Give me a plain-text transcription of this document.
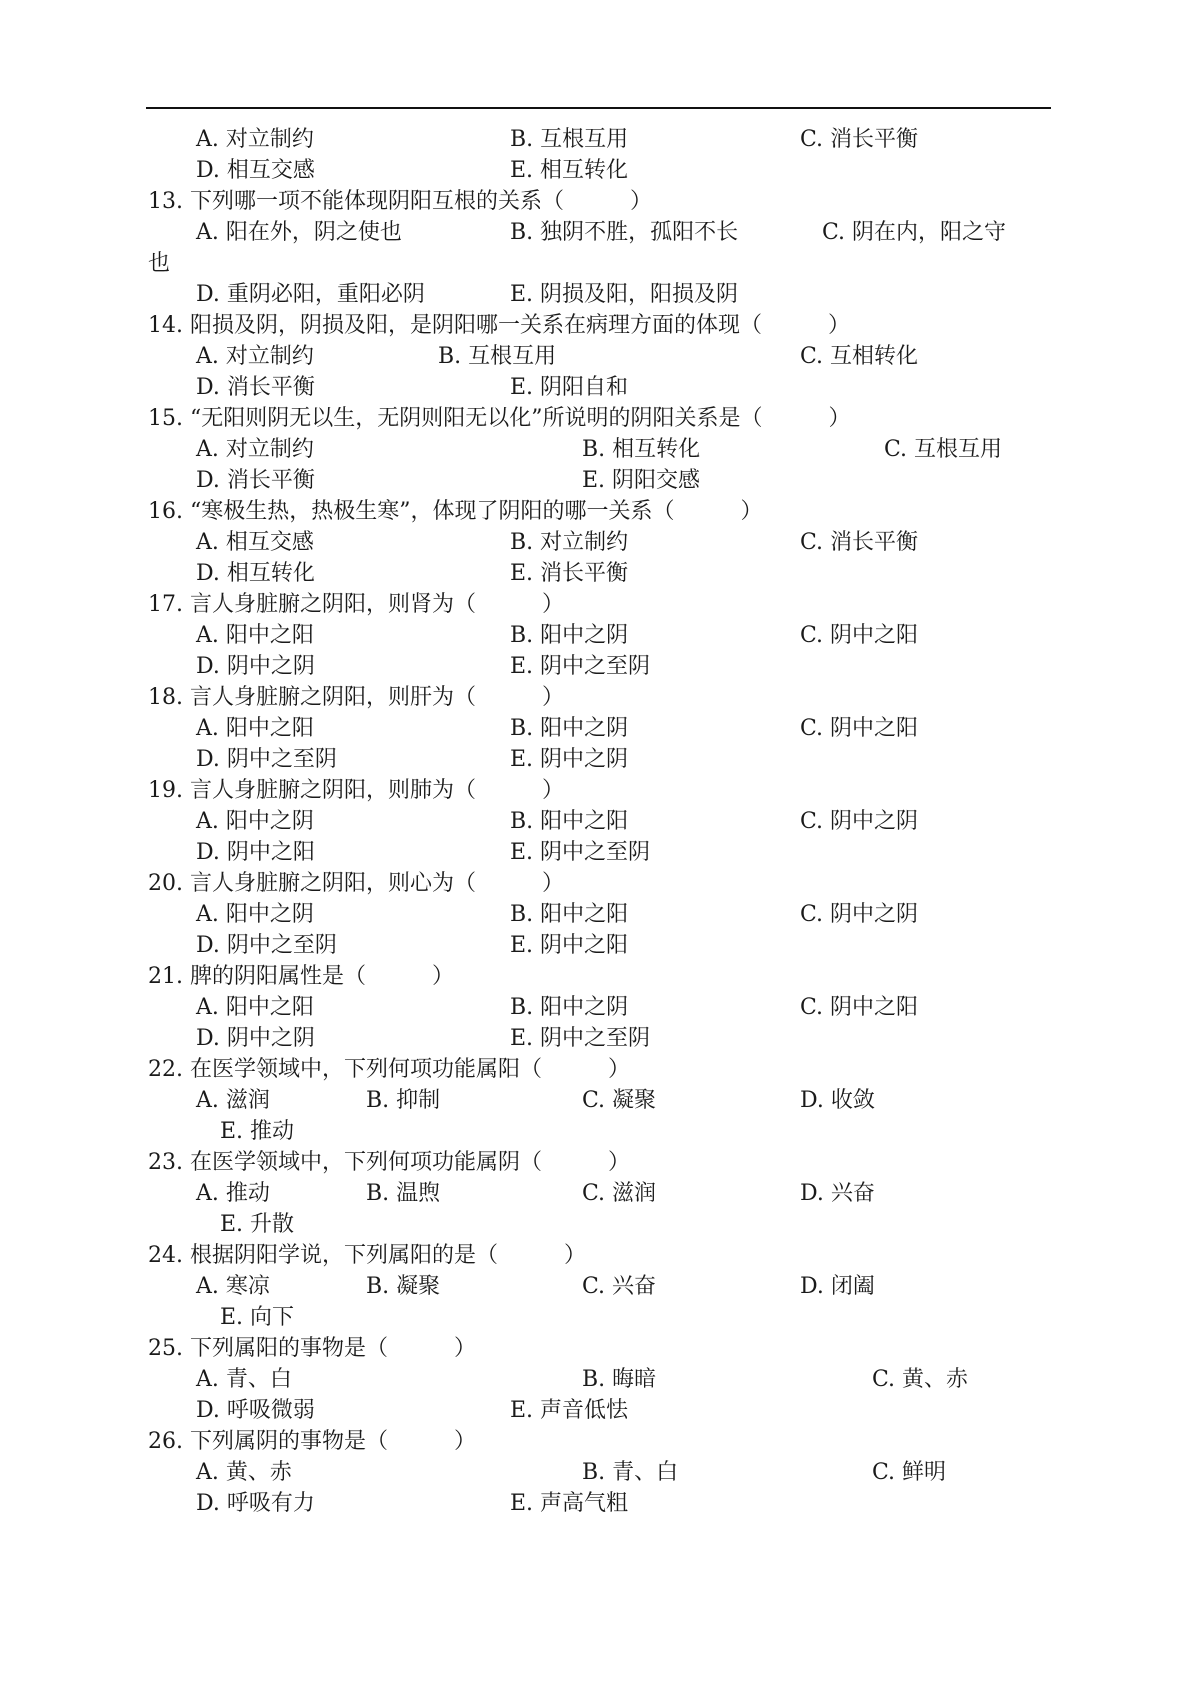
A. 对立制约	B. 互根互用	C. 消长平衡
D. 相互交感	E. 相互转化
13. 下列哪一项不能体现阴阳互根的关系（　　　）
A. 阳在外，阴之使也	B. 独阴不胜，孤阳不长	C. 阴在内，阳之守
也
D. 重阴必阳，重阳必阴	E. 阴损及阳，阳损及阴
14. 阳损及阴，阴损及阳，是阴阳哪一关系在病理方面的体现（　　　）
A. 对立制约	B. 互根互用	C. 互相转化
D. 消长平衡	E. 阴阳自和
15. “无阳则阴无以生，无阴则阳无以化”所说明的阴阳关系是（　　　）
A. 对立制约	B. 相互转化	C. 互根互用
D. 消长平衡	E. 阴阳交感
16. “寒极生热，热极生寒”，体现了阴阳的哪一关系（　　　）
A. 相互交感	B. 对立制约	C. 消长平衡
D. 相互转化	E. 消长平衡
17. 言人身脏腑之阴阳，则肾为（　　　）
A. 阳中之阳	B. 阳中之阴	C. 阴中之阳
D. 阴中之阴	E. 阴中之至阴
18. 言人身脏腑之阴阳，则肝为（　　　）
A. 阳中之阳	B. 阳中之阴	C. 阴中之阳
D. 阴中之至阴	E. 阴中之阴
19. 言人身脏腑之阴阳，则肺为（　　　）
A. 阳中之阴	B. 阳中之阳	C. 阴中之阴
D. 阴中之阳	E. 阴中之至阴
20. 言人身脏腑之阴阳，则心为（　　　）
A. 阳中之阴	B. 阳中之阳	C. 阴中之阴
D. 阴中之至阴	E. 阴中之阳
21. 脾的阴阳属性是（　　　）
A. 阳中之阳	B. 阳中之阴	C. 阴中之阳
D. 阴中之阴	E. 阴中之至阴
22. 在医学领域中，下列何项功能属阳（　　　）
A. 滋润	B. 抑制	C. 凝聚	D. 收敛
E. 推动
23. 在医学领域中，下列何项功能属阴（　　　）
A. 推动	B. 温煦	C. 滋润	D. 兴奋
E. 升散
24. 根据阴阳学说，下列属阳的是（　　　）
A. 寒凉	B. 凝聚	C. 兴奋	D. 闭阖
E. 向下
25. 下列属阳的事物是（　　　）
A. 青、白	B. 晦暗	C. 黄、赤
D. 呼吸微弱	E. 声音低怯
26. 下列属阴的事物是（　　　）
A. 黄、赤	B. 青、白	C. 鲜明
D. 呼吸有力	E. 声高气粗
